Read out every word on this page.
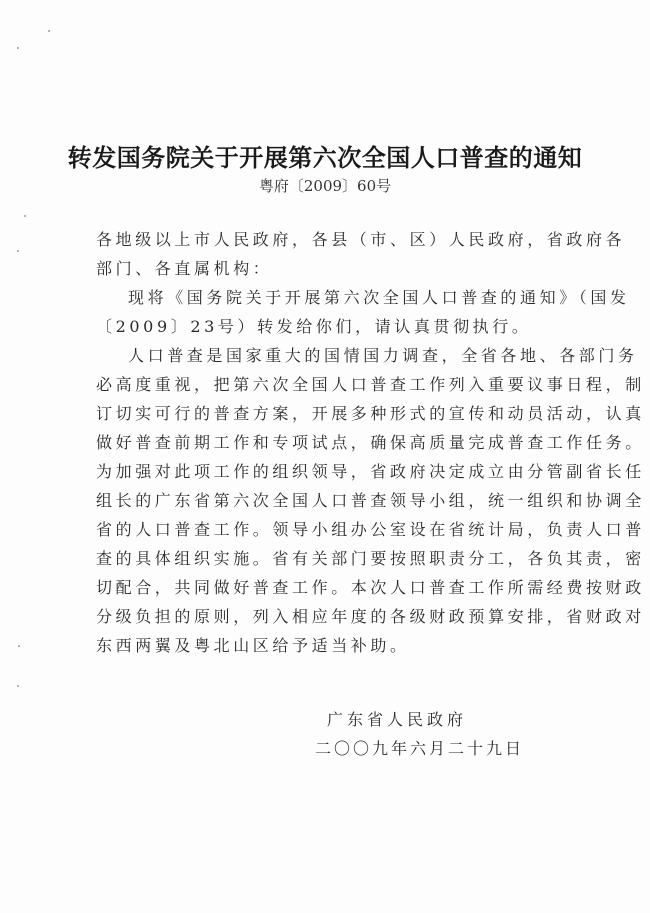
转发国务院关于开展第六次全国人口普查的通知
粤府〔2009〕60号
各地级以上市人民政府，各县（市、区）人民政府，省政府各
部门、各直属机构：
现将《国务院关于开展第六次全国人口普查的通知》（国发
〔2009〕23号）转发给你们，请认真贯彻执行。
人口普查是国家重大的国情国力调查，全省各地、各部门务
必高度重视，把第六次全国人口普查工作列入重要议事日程，制
订切实可行的普查方案，开展多种形式的宣传和动员活动，认真
做好普查前期工作和专项试点，确保高质量完成普查工作任务。
为加强对此项工作的组织领导，省政府决定成立由分管副省长任
组长的广东省第六次全国人口普查领导小组，统一组织和协调全
省的人口普查工作。领导小组办公室设在省统计局，负责人口普
查的具体组织实施。省有关部门要按照职责分工，各负其责，密
切配合，共同做好普查工作。本次人口普查工作所需经费按财政
分级负担的原则，列入相应年度的各级财政预算安排，省财政对
东西两翼及粤北山区给予适当补助。
广东省人民政府
二〇〇九年六月二十九日
